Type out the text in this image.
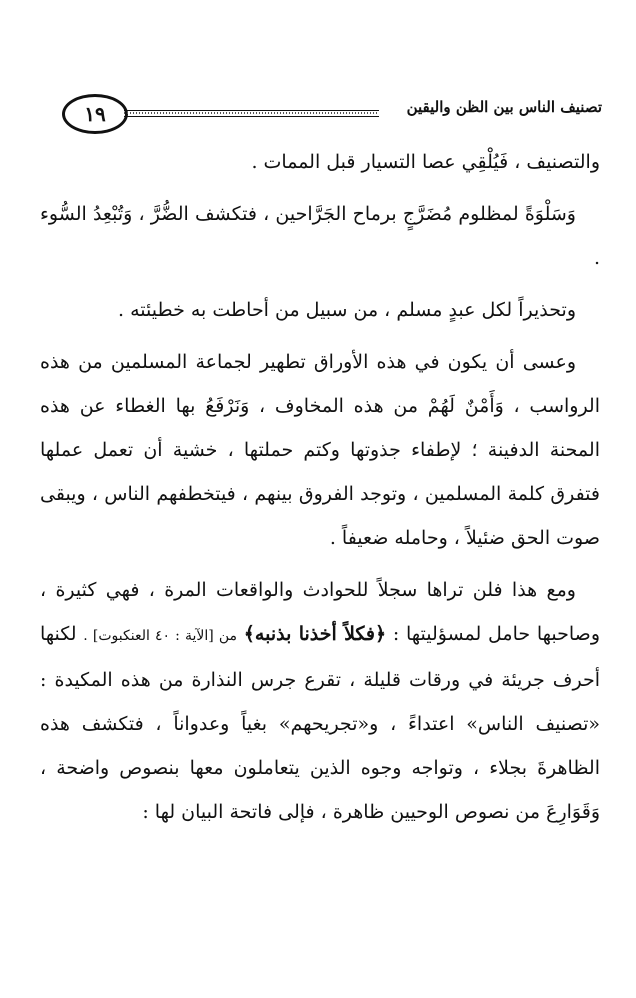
١٩	تصنيف الناس بين الظن واليقين

والتصنيف ، فَيُلْقِي عصا التسيار قبل الممات .

وَسَلْوَةً لمظلوم مُضَرَّجٍ برماح الجَرَّاحين ، فتكشف الضُّرَّ ، وَتُبْعِدُ السُّوء .

وتحذيراً لكل عبدٍ مسلم ، من سبيل من أحاطت به خطيئته .

وعسى أن يكون في هذه الأوراق تطهير لجماعة المسلمين من هذه الرواسب ، وَأَمْنٌ لَهُمْ من هذه المخاوف ، وَنَرْفَعُ بها الغطاء عن هذه المحنة الدفينة ؛ لإطفاء جذوتها وكتم حملتها ، خشية أن تعمل عملها فتفرق كلمة المسلمين ، وتوجد الفروق بينهم ، فيتخطفهم الناس ، ويبقى صوت الحق ضئيلاً ، وحامله ضعيفاً .

ومع هذا فلن تراها سجلاً للحوادث والواقعات المرة ، فهي كثيرة ، وصاحبها حامل لمسؤليتها : ﴿فكلاً أخذنا بذنبه﴾ من [الآية : ٤٠ العنكبوت] . لكنها أحرف جريئة في ورقات قليلة ، تقرع جرس النذارة من هذه المكيدة : «تصنيف الناس» اعتداءً ، و«تجريحهم» بغياً وعدواناً ، فتكشف هذه الظاهرةَ بجلاء ، وتواجه وجوه الذين يتعاملون معها بنصوص واضحة ، وَقَوَارِعَ من نصوص الوحيين ظاهرة ، فإلى فاتحة البيان لها :
